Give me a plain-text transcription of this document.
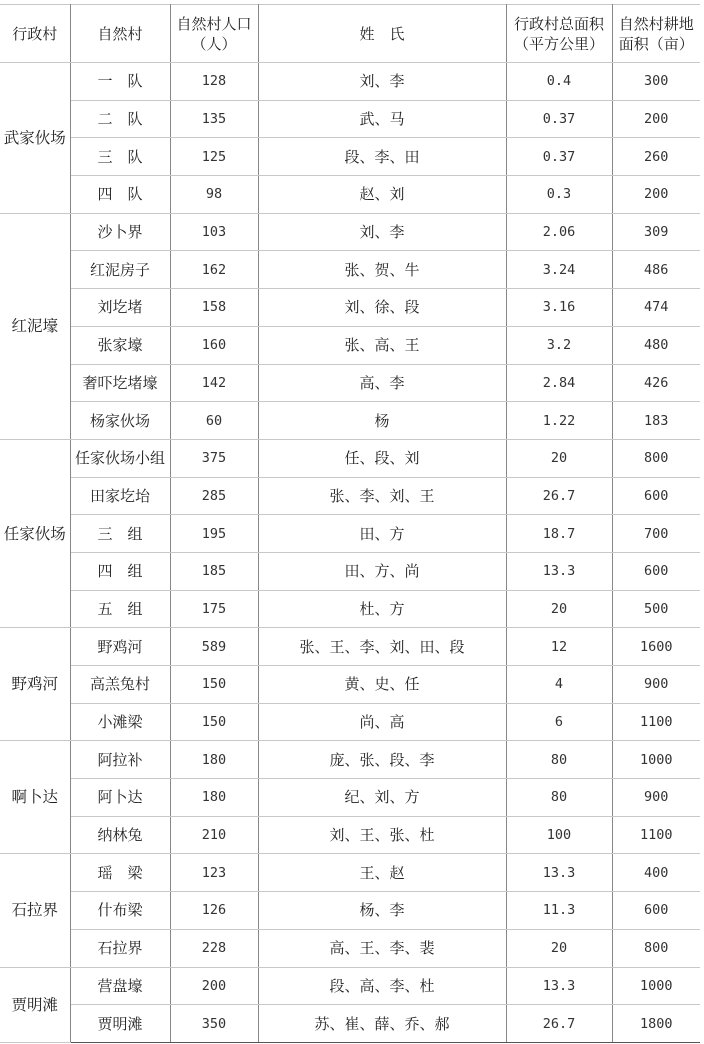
行政村	自然村	自然村人口（人）	姓　氏	行政村总面积（平方公里）	自然村耕地面积（亩）
武家伙场	一　队	128	刘、李	0.4	300
	二　队	135	武、马	0.37	200
	三　队	125	段、李、田	0.37	260
	四　队	98	赵、刘	0.3	200
红泥壕	沙卜界	103	刘、李	2.06	309
	红泥房子	162	张、贺、牛	3.24	486
	刘圪堵	158	刘、徐、段	3.16	474
	张家壕	160	张、高、王	3.2	480
	奢吓圪堵壕	142	高、李	2.84	426
	杨家伙场	60	杨	1.22	183
任家伙场	任家伙场小组	375	任、段、刘	20	800
	田家圪坮	285	张、李、刘、王	26.7	600
	三　组	195	田、方	18.7	700
	四　组	185	田、方、尚	13.3	600
	五　组	175	杜、方	20	500
野鸡河	野鸡河	589	张、王、李、刘、田、段	12	1600
	高羔兔村	150	黄、史、任	4	900
	小滩梁	150	尚、高	6	1100
啊卜达	阿拉补	180	庞、张、段、李	80	1000
	阿卜达	180	纪、刘、方	80	900
	纳林兔	210	刘、王、张、杜	100	1100
石拉界	瑶　梁	123	王、赵	13.3	400
	什布梁	126	杨、李	11.3	600
	石拉界	228	高、王、李、裴	20	800
贾明滩	营盘壕	200	段、高、李、杜	13.3	1000
	贾明滩	350	苏、崔、薛、乔、郝	26.7	1800
